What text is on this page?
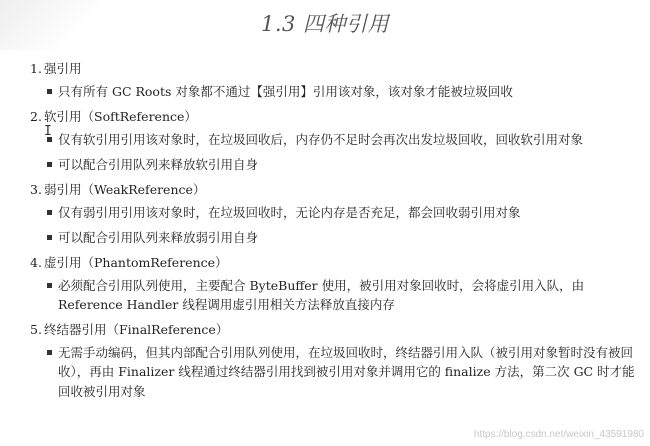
1.3 四种引用
1. 强引用
只有所有 GC Roots 对象都不通过【强引用】引用该对象，该对象才能被垃圾回收
2. 软引用（SoftReference）
仅有软引用引用该对象时，在垃圾回收后，内存仍不足时会再次出发垃圾回收，回收软引用对象
可以配合引用队列来释放软引用自身
3. 弱引用（WeakReference）
仅有弱引用引用该对象时，在垃圾回收时，无论内存是否充足，都会回收弱引用对象
可以配合引用队列来释放弱引用自身
4. 虚引用（PhantomReference）
必须配合引用队列使用，主要配合 ByteBuffer 使用，被引用对象回收时，会将虚引用入队，由 Reference Handler 线程调用虚引用相关方法释放直接内存
5. 终结器引用（FinalReference）
无需手动编码，但其内部配合引用队列使用，在垃圾回收时，终结器引用入队（被引用对象暂时没有被回收），再由 Finalizer 线程通过终结器引用找到被引用对象并调用它的 finalize 方法，第二次 GC 时才能回收被引用对象
I
https://blog.csdn.net/weixin_43591980
